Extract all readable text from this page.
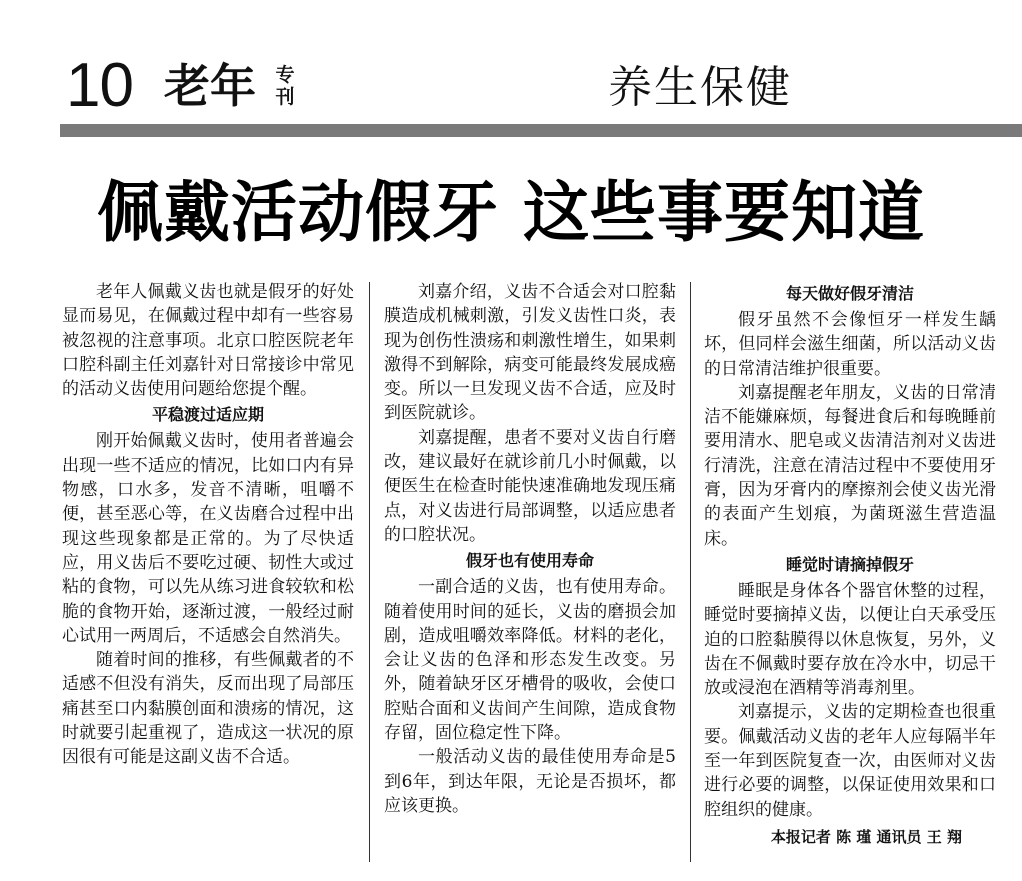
10 老年 专刊	养生保健
佩戴活动假牙 这些事要知道

老年人佩戴义齿也就是假牙的好处显而易见，在佩戴过程中却有一些容易被忽视的注意事项。北京口腔医院老年口腔科副主任刘嘉针对日常接诊中常见的活动义齿使用问题给您提个醒。

平稳渡过适应期

刚开始佩戴义齿时，使用者普遍会出现一些不适应的情况，比如口内有异物感，口水多，发音不清晰，咀嚼不便，甚至恶心等，在义齿磨合过程中出现这些现象都是正常的。为了尽快适应，用义齿后不要吃过硬、韧性大或过粘的食物，可以先从练习进食较软和松脆的食物开始，逐渐过渡，一般经过耐心试用一两周后，不适感会自然消失。

随着时间的推移，有些佩戴者的不适感不但没有消失，反而出现了局部压痛甚至口内黏膜创面和溃疡的情况，这时就要引起重视了，造成这一状况的原因很有可能是这副义齿不合适。

刘嘉介绍，义齿不合适会对口腔黏膜造成机械刺激，引发义齿性口炎，表现为创伤性溃疡和刺激性增生，如果刺激得不到解除，病变可能最终发展成癌变。所以一旦发现义齿不合适，应及时到医院就诊。

刘嘉提醒，患者不要对义齿自行磨改，建议最好在就诊前几小时佩戴，以便医生在检查时能快速准确地发现压痛点，对义齿进行局部调整，以适应患者的口腔状况。

假牙也有使用寿命

一副合适的义齿，也有使用寿命。随着使用时间的延长，义齿的磨损会加剧，造成咀嚼效率降低。材料的老化，会让义齿的色泽和形态发生改变。另外，随着缺牙区牙槽骨的吸收，会使口腔贴合面和义齿间产生间隙，造成食物存留，固位稳定性下降。

一般活动义齿的最佳使用寿命是5到6年，到达年限，无论是否损坏，都应该更换。

每天做好假牙清洁

假牙虽然不会像恒牙一样发生龋坏，但同样会滋生细菌，所以活动义齿的日常清洁维护很重要。

刘嘉提醒老年朋友，义齿的日常清洁不能嫌麻烦，每餐进食后和每晚睡前要用清水、肥皂或义齿清洁剂对义齿进行清洗，注意在清洁过程中不要使用牙膏，因为牙膏内的摩擦剂会使义齿光滑的表面产生划痕，为菌斑滋生营造温床。

睡觉时请摘掉假牙

睡眠是身体各个器官休整的过程，睡觉时要摘掉义齿，以便让白天承受压迫的口腔黏膜得以休息恢复，另外，义齿在不佩戴时要存放在冷水中，切忌干放或浸泡在酒精等消毒剂里。

刘嘉提示，义齿的定期检查也很重要。佩戴活动义齿的老年人应每隔半年至一年到医院复查一次，由医师对义齿进行必要的调整，以保证使用效果和口腔组织的健康。

本报记者 陈 瑾 通讯员 王 翔
